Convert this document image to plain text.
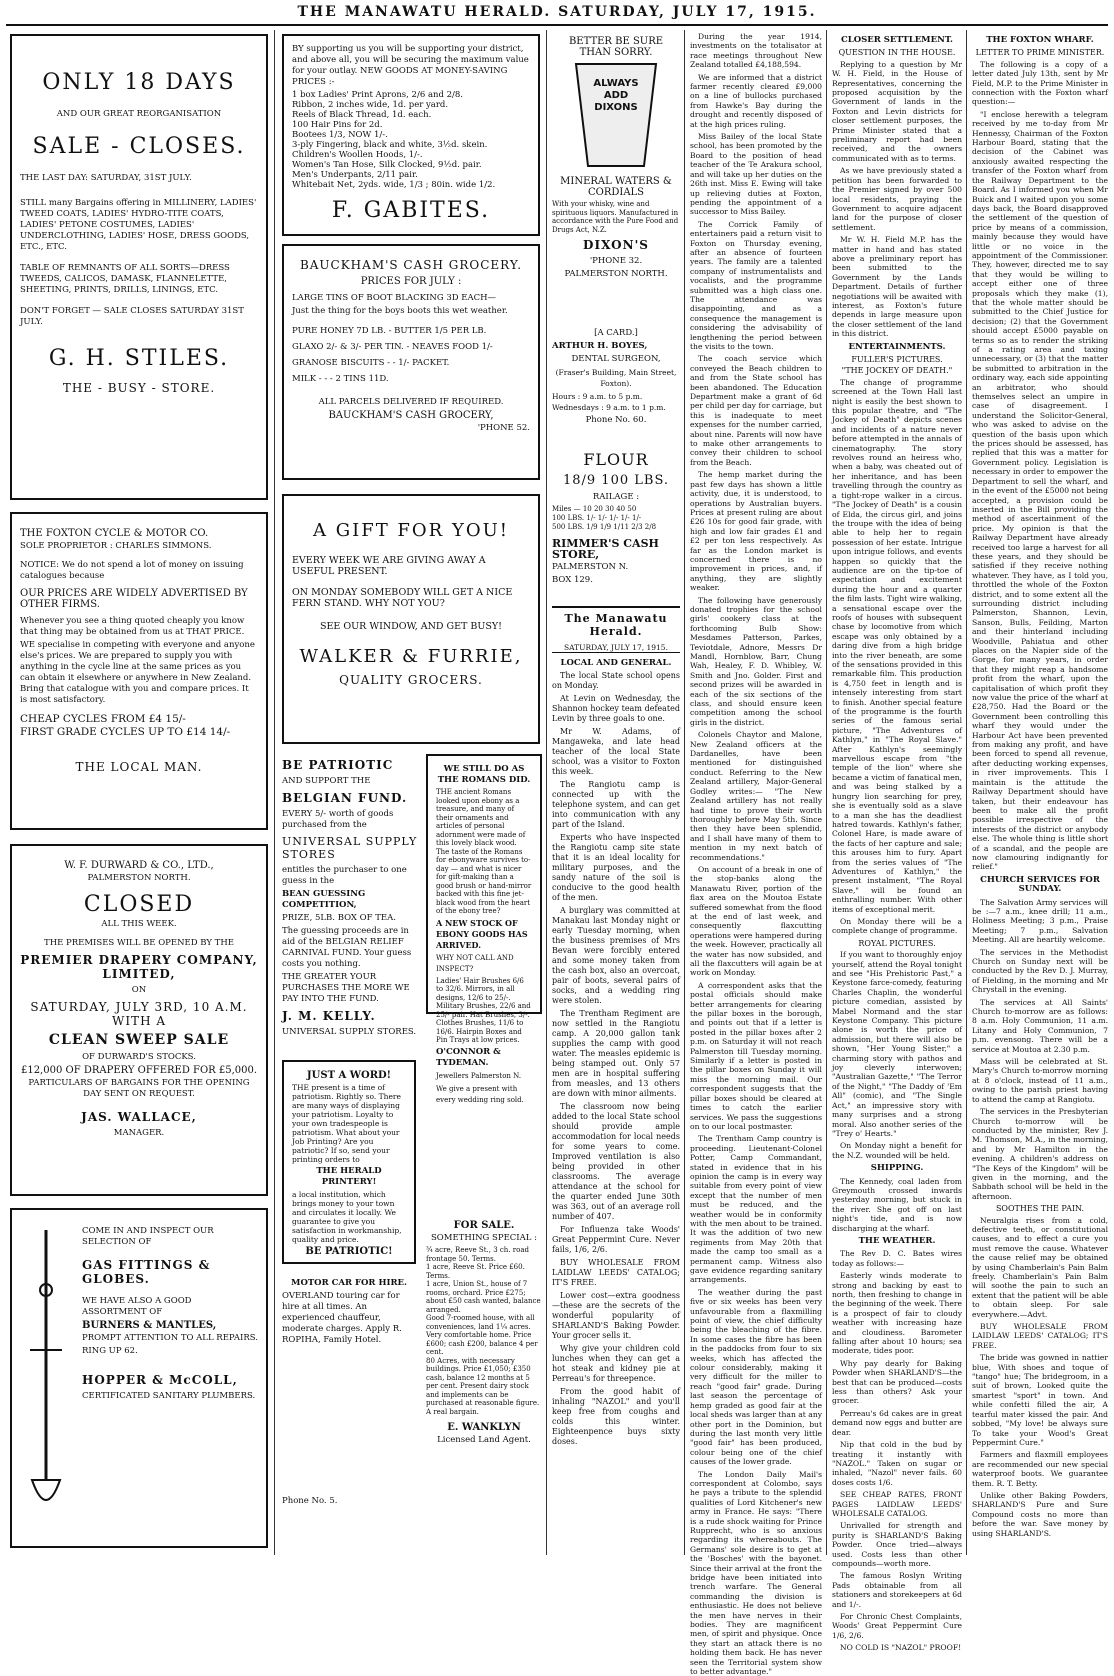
THE MANAWATU HERALD. SATURDAY, JULY 17, 1915.
ONLY 18 DAYS
AND OUR GREAT REORGANISATION
SALE - CLOSES.
THE LAST DAY: SATURDAY, 31ST JULY.
STILL many Bargains offering in MILLINERY, LADIES' TWEED COATS, LADIES' HYDRO-TITE COATS, LADIES' PETONE COSTUMES, LADIES' UNDERCLOTHING, LADIES' HOSE, DRESS GOODS, ETC., ETC.
TABLE OF REMNANTS OF ALL SORTS—DRESS TWEEDS, CALICOS, DAMASK, FLANNELETTE, SHEETING, PRINTS, DRILLS, LININGS, ETC.
DON'T FORGET — SALE CLOSES SATURDAY 31ST JULY.
G. H. STILES.
THE - BUSY - STORE.
THE FOXTON CYCLE & MOTOR CO.
SOLE PROPRIETOR : CHARLES SIMMONS.
NOTICE: We do not spend a lot of money on issuing catalogues because
OUR PRICES ARE WIDELY ADVERTISED BY OTHER FIRMS.
Whenever you see a thing quoted cheaply you know that thing may be obtained from us at THAT PRICE.
WE specialise in competing with everyone and anyone else's prices. We are prepared to supply you with anything in the cycle line at the same prices as you can obtain it elsewhere or anywhere in New Zealand. Bring that catalogue with you and compare prices. It is most satisfactory.
CHEAP CYCLES FROM £4 15/-
FIRST GRADE CYCLES UP TO £14 14/-
THE LOCAL MAN.
W. F. DURWARD & CO., LTD.,
PALMERSTON NORTH.
CLOSED
ALL THIS WEEK.
THE PREMISES WILL BE OPENED BY THE
PREMIER DRAPERY COMPANY, LIMITED,
ON
SATURDAY, JULY 3RD, 10 A.M. WITH A
CLEAN SWEEP SALE
OF DURWARD'S STOCKS.
£12,000 OF DRAPERY OFFERED FOR £5,000.
PARTICULARS OF BARGAINS FOR THE OPENING DAY SENT ON REQUEST.
JAS. WALLACE,
MANAGER.
COME IN AND INSPECT OUR SELECTION OF
GAS FITTINGS & GLOBES.
WE HAVE ALSO A GOOD ASSORTMENT OF
BURNERS & MANTLES,
PROMPT ATTENTION TO ALL REPAIRS.
RING UP 62.
HOPPER & McCOLL,
CERTIFICATED SANITARY PLUMBERS.
BY supporting us you will be supporting your district, and above all, you will be securing the maximum value for your outlay. NEW GOODS AT MONEY-SAVING PRICES :-
1 box Ladies' Print Aprons, 2/6 and 2/8.
Ribbon, 2 inches wide, 1d. per yard.
Reels of Black Thread, 1d. each.
100 Hair Pins for 2d.
Bootees 1/3, NOW 1/-.
3-ply Fingering, black and white, 3½d. skein.
Children's Woollen Hoods, 1/-.
Women's Tan Hose, Silk Clocked, 9½d. pair.
Men's Underpants, 2/11 pair.
Whitebait Net, 2yds. wide, 1/3 ; 80in. wide 1/2.
F. GABITES.
BAUCKHAM'S CASH GROCERY.
PRICES FOR JULY :
LARGE TINS OF BOOT BLACKING 3D EACH—
Just the thing for the boys boots this wet weather.
PURE HONEY 7D LB. - BUTTER 1/5 PER LB.
GLAXO 2/- & 3/- PER TIN. - NEAVES FOOD 1/-
GRANOSE BISCUITS - - 1/- PACKET.
MILK - - - 2 TINS 11D.
ALL PARCELS DELIVERED IF REQUIRED.
BAUCKHAM'S CASH GROCERY,
'PHONE 52.
A GIFT FOR YOU!
EVERY WEEK WE ARE GIVING AWAY A USEFUL PRESENT.
ON MONDAY SOMEBODY WILL GET A NICE FERN STAND. WHY NOT YOU?
SEE OUR WINDOW, AND GET BUSY!
WALKER & FURRIE,
QUALITY GROCERS.
BE PATRIOTIC
AND SUPPORT THE
BELGIAN FUND.
EVERY 5/- worth of goods purchased from the
UNIVERSAL SUPPLY STORES
entitles the purchaser to one guess in the
BEAN GUESSING COMPETITION,
PRIZE, 5LB. BOX OF TEA.
The guessing proceeds are in aid of the BELGIAN RELIEF CARNIVAL FUND. Your guess costs you nothing.
THE GREATER YOUR PURCHASES THE MORE WE PAY INTO THE FUND.
J. M. KELLY.
UNIVERSAL SUPPLY STORES.
JUST A WORD!
THE present is a time of patriotism. Rightly so. There are many ways of displaying your patriotism. Loyalty to your own tradespeople is patriotism. What about your Job Printing? Are you patriotic? If so, send your printing orders to
THE HERALD PRINTERY!
a local institution, which brings money to your town and circulates it locally. We guarantee to give you satisfaction in workmanship, quality and price.
BE PATRIOTIC!
MOTOR CAR FOR HIRE.
OVERLAND touring car for hire at all times. An experienced chauffeur, moderate charges. Apply R. ROPIHA, Family Hotel.
Phone No. 5.
WE STILL DO AS THE ROMANS DID.
THE ancient Romans looked upon ebony as a treasure, and many of their ornaments and articles of personal adornment were made of this lovely black wood. The taste of the Romans for ebonyware survives to-day — and what is nicer for gift-making than a good brush or hand-mirror backed with this fine jet-black wood from the heart of the ebony tree?
A NEW STOCK OF EBONY GOODS HAS ARRIVED.
WHY NOT CALL AND INSPECT?
Ladies' Hair Brushes 6/6 to 32/6. Mirrors, in all designs, 12/6 to 25/-. Military Brushes, 22/6 and 25/- pair. Hat Brushes, 3/-. Clothes Brushes, 11/6 to 16/6. Hairpin Boxes and Pin Trays at low prices.
O'CONNOR & TYDEMAN.
Jewellers Palmerston N.
We give a present with every wedding ring sold.
FOR SALE.
SOMETHING SPECIAL :
¾ acre, Reeve St., 3 ch. road frontage 50. Terms.
1 acre, Reeve St. Price £60. Terms.
1 acre, Union St., house of 7 rooms, orchard. Price £275; about £50 cash wanted, balance arranged.
Good 7-roomed house, with all conveniences, land 1¼ acres. Very comfortable home. Price £600; cash £200, balance 4 per cent.
80 Acres, with necessary buildings. Price £1,050; £350 cash, balance 12 months at 5 per cent. Present dairy stock and implements can be purchased at reasonable figure. A real bargain.
E. WANKLYN
Licensed Land Agent.
BETTER BE SURE THAN SORRY.
ALWAYS ADD DIXONS
MINERAL WATERS & CORDIALS
With your whisky, wine and spirituous liquors. Manufactured in accordance with the Pure Food and Drugs Act, N.Z.
DIXON'S
'PHONE 32.
PALMERSTON NORTH.
[A CARD.]
ARTHUR H. BOYES,
DENTAL SURGEON,
(Fraser's Building, Main Street, Foxton).
Hours : 9 a.m. to 5 p.m. Wednesdays : 9 a.m. to 1 p.m.
Phone No. 60.
FLOUR
18/9 100 LBS.
RAILAGE :
Miles — 10 20 30 40 50
100 LBS. 1/- 1/- 1/- 1/- 1/-
500 LBS. 1/9 1/9 1/11 2/3 2/8
RIMMER'S CASH STORE,
PALMERSTON N.
BOX 129.
The Manawatu Herald.
SATURDAY, JULY 17, 1915.
LOCAL AND GENERAL.

The local State school opens on Monday.

At Levin on Wednesday, the Shannon hockey team defeated Levin by three goals to one.

Mr W. Adams, of Mangaweka, and late head teacher of the local State school, was a visitor to Foxton this week.

The Rangiotu camp is connected up with the telephone system, and can get into communication with any part of the Island.

Experts who have inspected the Rangiotu camp site state that it is an ideal locality for military purposes, and the sandy nature of the soil is conducive to the good health of the men.

A burglary was committed at Manakau last Monday night or early Tuesday morning, when the business premises of Mrs Bevan were forcibly entered and some money taken from the cash box, also an overcoat, pair of boots, several pairs of socks, and a wedding ring were stolen.

The Trentham Regiment are now settled in the Rangiotu camp. A 20,000 gallon tank supplies the camp with good water. The measles epidemic is being stamped out. Only 57 men are in hospital suffering from measles, and 13 others are down with minor ailments.

The classroom now being added to the local State school should provide ample accommodation for local needs for some years to come. Improved ventilation is also being provided in other classrooms. The average attendance at the school for the quarter ended June 30th was 363, out of an average roll number of 407.

For Influenza take Woods' Great Peppermint Cure. Never fails, 1/6, 2/6.

BUY WHOLESALE FROM LAIDLAW LEEDS' CATALOG; IT'S FREE.

Lower cost—extra goodness—these are the secrets of the wonderful popularity of SHARLAND'S Baking Powder. Your grocer sells it.

Why give your children cold lunches when they can get a hot steak and kidney pie at Perreau's for threepence.

From the good habit of inhaling "NAZOL" and you'll keep free from coughs and colds this winter. Eighteenpence buys sixty doses.

During the year 1914, investments on the totalisator at race meetings throughout New Zealand totalled £4,188,594.

We are informed that a district farmer recently cleared £9,000 on a line of bullocks purchased from Hawke's Bay during the drought and recently disposed of at the high prices ruling.

Miss Bailey of the local State school, has been promoted by the Board to the position of head teacher of the Te Arakura school, and will take up her duties on the 26th inst. Miss E. Ewing will take up relieving duties at Foxton, pending the appointment of a successor to Miss Bailey.

The Corrick Family of entertainers paid a return visit to Foxton on Thursday evening, after an absence of fourteen years. The family are a talented company of instrumentalists and vocalists, and the programme submitted was a high class one. The attendance was disappointing, and as a consequence the management is considering the advisability of lengthening the period between the visits to the town.

The coach service which conveyed the Beach children to and from the State school has been abandoned. The Education Department make a grant of 6d per child per day for carriage, but this is inadequate to meet expenses for the number carried, about nine. Parents will now have to make other arrangements to convey their children to school from the Beach.

The hemp market during the past few days has shown a little activity, due, it is understood, to operations by Australian buyers. Prices at present ruling are about £26 10s for good fair grade, with high and low fair grades £1 and £2 per ton less respectively. As far as the London market is concerned there is no improvement in prices, and, if anything, they are slightly weaker.

The following have generously donated trophies for the school girls' cookery class at the forthcoming Bulb Show: Mesdames Patterson, Parkes, Teviotdale, Adnore, Messrs Dr Mandl, Hornblow, Barr, Chung Wah, Healey, F. D. Whibley, W. Smith and Jno. Golder. First and second prizes will be awarded in each of the six sections of the class, and should ensure keen competition among the school girls in the district.

Colonels Chaytor and Malone, New Zealand officers at the Dardanelles, have been mentioned for distinguished conduct. Referring to the New Zealand artillery, Major-General Godley writes:— "The New Zealand artillery has not really had time to prove their worth thoroughly before May 5th. Since then they have been splendid, and I shall have many of them to mention in my next batch of recommendations."

On account of a break in one of the stop-banks along the Manawatu River, portion of the flax area on the Moutoa Estate suffered somewhat from the flood at the end of last week, and consequently flaxcutting operations were hampered during the week. However, practically all the water has now subsided, and all the flaxcutters will again be at work on Monday.

A correspondent asks that the postal officials should make better arrangements for clearing the pillar boxes in the borough, and points out that if a letter is posted in the pillar boxes after 2 p.m. on Saturday it will not reach Palmerston till Tuesday morning. Similarly if a letter is posted in the pillar boxes on Sunday it will miss the morning mail. Our correspondent suggests that the pillar boxes should be cleared at times to catch the earlier services. We pass the suggestions on to our local postmaster.

The Trentham Camp country is proceeding. Lieutenant-Colonel Potter, Camp Commandant, stated in evidence that in his opinion the camp is in every way suitable from every point of view except that the number of men must be reduced, and the weather would be in conformity with the men about to be trained. It was the addition of two new regiments from May 20th that made the camp too small as a permanent camp. Witness also gave evidence regarding sanitary arrangements.

The weather during the past five or six weeks has been very unfavourable from a flaxmilling point of view, the chief difficulty being the bleaching of the fibre. In some cases the fibre has been in the paddocks from four to six weeks, which has affected the colour considerably, making it very difficult for the miller to reach "good fair" grade. During last season the percentage of hemp graded as good fair at the local sheds was larger than at any other port in the Dominion, but during the last month very little "good fair" has been produced, colour being one of the chief causes of the lower grade.

The London Daily Mail's correspondent at Colombo, says he pays a tribute to the splendid qualities of Lord Kitchener's new army in France. He says: "There is a rude shock waiting for Prince Rupprecht, who is so anxious regarding its whereabouts. The Germans' sole desire is to get at the 'Bosches' with the bayonet. Since their arrival at the front the bridge have been initiated into trench warfare. The General commanding the division is enthusiastic. He does not believe the men have nerves in their bodies. They are magnificent men, of spirit and physique. Once they start an attack there is no holding them back. He has never seen the Territorial system show to better advantage."

CLOSER SETTLEMENT.
QUESTION IN THE HOUSE.

Replying to a question by Mr W. H. Field, in the House of Representatives, concerning the proposed acquisition by the Government of lands in the Foxton and Levin districts for closer settlement purposes, the Prime Minister stated that a preliminary report had been received, and the owners communicated with as to terms.

As we have previously stated a petition has been forwarded to the Premier signed by over 500 local residents, praying the Government to acquire adjacent land for the purpose of closer settlement.

Mr W. H. Field M.P. has the matter in hand and has stated above a preliminary report has been submitted to the Government by the Lands Department. Details of further negotiations will be awaited with interest, as Foxton's future depends in large measure upon the closer settlement of the land in this district.

ENTERTAINMENTS.
FULLER'S PICTURES.
"THE JOCKEY OF DEATH."

The change of programme screened at the Town Hall last night is easily the best shown to this popular theatre, and "The Jockey of Death" depicts scenes and incidents of a nature never before attempted in the annals of cinematography. The story revolves round an heiress who, when a baby, was cheated out of her inheritance, and has been travelling through the country as a tight-rope walker in a circus. "The Jockey of Death" is a cousin of Elda, the circus girl, and joins the troupe with the idea of being able to help her to regain possession of her estate. Intrigue upon intrigue follows, and events happen so quickly that the audience are on the tip-toe of expectation and excitement during the hour and a quarter the film lasts. Tight wire walking, a sensational escape over the roofs of houses with subsequent chase by locomotive from which escape was only obtained by a daring dive from a high bridge into the river beneath, are some of the sensations provided in this remarkable film. This production is 4,750 feet in length and is intensely interesting from start to finish. Another special feature of the programme is the fourth series of the famous serial picture, "The Adventures of Kathlyn," in "The Royal Slave." After Kathlyn's seemingly marvellous escape from "the temple of the lion" where she became a victim of fanatical men, and was being stalked by a hungry lion searching for prey, she is eventually sold as a slave to a man she has the deadliest hatred towards. Kathlyn's father, Colonel Hare, is made aware of the facts of her capture and sale; this arouses him to fury. Apart from the series values of "The Adventures of Kathlyn," the present instalment, "The Royal Slave," will be found an enthralling number. With other items of exceptional merit.

On Monday there will be a complete change of programme.

ROYAL PICTURES.

If you want to thoroughly enjoy yourself, attend the Royal tonight and see "His Prehistoric Past," a Keystone farce-comedy, featuring Charles Chaplin, the wonderful picture comedian, assisted by Mabel Normand and the star Keystone Company. This picture alone is worth the price of admission, but there will also be shown, "Her Young Sister," a charming story with pathos and joy cleverly interwoven; "Australian Gazette," "The Terror of the Night," "The Daddy of 'Em All" (comic), and "The Single Act," an impressive story with many surprises and a strong moral. Also another series of the "Trey o' Hearts."

On Monday night a benefit for the N.Z. wounded will be held.

SHIPPING.

The Kennedy, coal laden from Greymouth crossed inwards yesterday morning, but stuck in the river. She got off on last night's tide, and is now discharging at the wharf.

THE WEATHER.

The Rev D. C. Bates wires today as follows:—

Easterly winds moderate to strong and backing by east to north, then freshing to change in the beginning of the week. There is a prospect of fair to cloudy weather with increasing haze and cloudiness. Barometer falling after about 10 hours; sea moderate, tides poor.

Why pay dearly for Baking Powder when SHARLAND'S—the best that can be produced—costs less than others? Ask your grocer.

Perreau's 6d cakes are in great demand now eggs and butter are dear.

Nip that cold in the bud by treating it instantly with "NAZOL." Taken on sugar or inhaled, "Nazol" never fails. 60 doses costs 1/6.

SEE CHEAP RATES, FRONT PAGES LAIDLAW LEEDS' WHOLESALE CATALOG.

Unrivalled for strength and purity is SHARLAND'S Baking Powder. Once tried—always used. Costs less than other compounds—worth more.

The famous Roslyn Writing Pads obtainable from all stationers and storekeepers at 6d and 1/-.

For Chronic Chest Complaints, Woods' Great Peppermint Cure 1/6, 2/6.

NO COLD IS "NAZOL" PROOF!

THE FOXTON WHARF.
LETTER TO PRIME MINISTER.

The following is a copy of a letter dated July 13th, sent by Mr Field, M.P. to the Prime Minister in connection with the Foxton wharf question:—

"I enclose herewith a telegram received by me to-day from Mr Hennessy, Chairman of the Foxton Harbour Board, stating that the decision of the Cabinet was anxiously awaited respecting the transfer of the Foxton wharf from the Railway Department to the Board. As I informed you when Mr Buick and I waited upon you some days back, the Board disapproved the settlement of the question of price by means of a commission, mainly because they would have little or no voice in the appointment of the Commissioner. They, however, directed me to say that they would be willing to accept either one of three proposals which they make (1), that the whole matter should be submitted to the Chief Justice for decision; (2) that the Government should accept £5000 payable on terms so as to render the striking of a rating area and taxing unnecessary, or (3) that the matter be submitted to arbitration in the ordinary way, each side appointing an arbitrator, who should themselves select an umpire in case of disagreement. I understand the Solicitor-General, who was asked to advise on the question of the basis upon which the prices should be assessed, has replied that this was a matter for Government policy. Legislation is necessary in order to empower the Department to sell the wharf, and in the event of the £5000 not being accepted, a provision could be inserted in the Bill providing the method of ascertainment of the price. My opinion is that the Railway Department have already received too large a harvest for all these years, and they should be satisfied if they receive nothing whatever. They have, as I told you, throttled the whole of the Foxton district, and to some extent all the surrounding district including Palmerston, Shannon, Levin, Sanson, Bulls, Feilding, Marton and their hinterland including Woodville, Pahiatua and other places on the Napier side of the Gorge, for many years, in order that they might reap a handsome profit from the wharf, upon the capitalisation of which profit they now value the price of the wharf at £28,750. Had the Board or the Government been controlling this wharf they would under the Harbour Act have been prevented from making any profit, and have been forced to spend all revenue, after deducting working expenses, in river improvements. This I maintain is the attitude the Railway Department should have taken, but their endeavour has been to make all the profit possible irrespective of the interests of the district or anybody else. The whole thing is little short of a scandal, and the people are now clamouring indignantly for relief."

CHURCH SERVICES FOR SUNDAY.

The Salvation Army services will be :—7 a.m., knee drill; 11 a.m., Holiness Meeting; 3 p.m., Praise Meeting; 7 p.m., Salvation Meeting. All are heartily welcome.

The services in the Methodist Church on Sunday next will be conducted by the Rev D. J. Murray, of Fielding, in the morning and Mr Chrystall in the evening.

The services at All Saints' Church to-morrow are as follows: 8 a.m. Holy Communion, 11 a.m. Litany and Holy Communion, 7 p.m. evensong. There will be a service at Moutoa at 2.30 p.m.

Mass will be celebrated at St. Mary's Church to-morrow morning at 8 o'clock, instead of 11 a.m., owing to the parish priest having to attend the camp at Rangiotu.

The services in the Presbyterian Church to-morrow will be conducted by the minister, Rev J. M. Thomson, M.A., in the morning, and by Mr Hamilton in the evening. A children's address on "The Keys of the Kingdom" will be given in the morning, and the Sabbath school will be held in the afternoon.

SOOTHES THE PAIN.

Neuralgia rises from a cold, defective teeth, or constitutional causes, and to effect a cure you must remove the cause. Whatever the cause relief may be obtained by using Chamberlain's Pain Balm freely. Chamberlain's Pain Balm will soothe the pain to such an extent that the patient will be able to obtain sleep. For sale everywhere.—Advt.

BUY WHOLESALE FROM LAIDLAW LEEDS' CATALOG; IT'S FREE.

The bride was gowned in nattier blue, With shoes and toque of "tango" hue; The bridegroom, in a suit of brown, Looked quite the smartest "sport" in town. And while confetti filled the air, A tearful mater kissed the pair. And sobbed, "My love! be always sure To take your Wood's Great Peppermint Cure."

Farmers and flaxmill employees are recommended our new special waterproof boots. We guarantee them. R. T. Betty.

Unlike other Baking Powders, SHARLAND'S Pure and Sure Compound costs no more than before the war. Save money by using SHARLAND'S.
